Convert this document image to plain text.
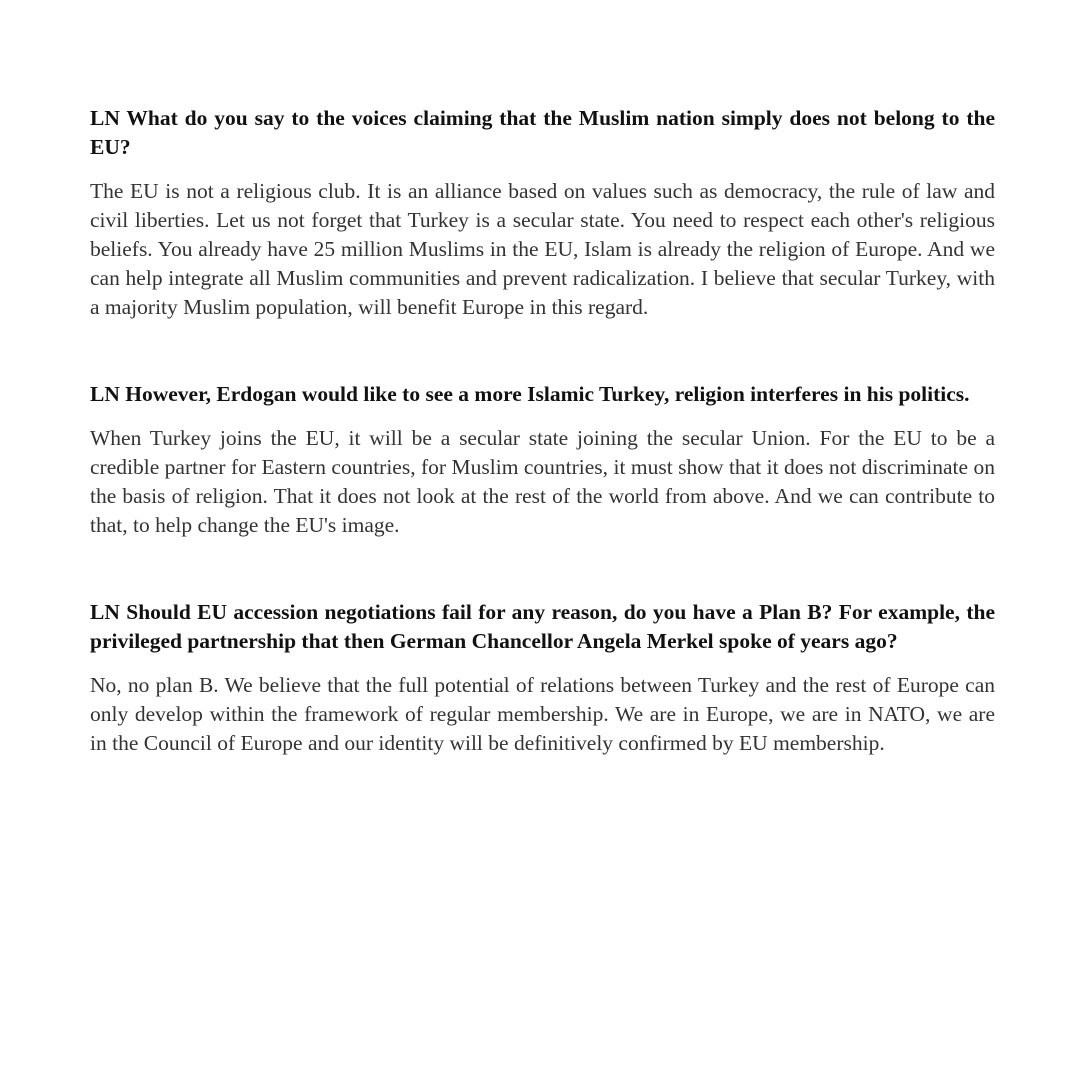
LN What do you say to the voices claiming that the Muslim nation simply does not belong to the EU?

The EU is not a religious club. It is an alliance based on values such as democracy, the rule of law and civil liberties. Let us not forget that Turkey is a secular state. You need to respect each other's religious beliefs. You already have 25 million Muslims in the EU, Islam is already the religion of Europe. And we can help integrate all Muslim communities and prevent radicalization. I believe that secular Turkey, with a majority Muslim population, will benefit Europe in this regard.

LN However, Erdogan would like to see a more Islamic Turkey, religion interferes in his politics.

When Turkey joins the EU, it will be a secular state joining the secular Union. For the EU to be a credible partner for Eastern countries, for Muslim countries, it must show that it does not discriminate on the basis of religion. That it does not look at the rest of the world from above. And we can contribute to that, to help change the EU's image.

LN Should EU accession negotiations fail for any reason, do you have a Plan B? For example, the privileged partnership that then German Chancellor Angela Merkel spoke of years ago?

No, no plan B. We believe that the full potential of relations between Turkey and the rest of Europe can only develop within the framework of regular membership. We are in Europe, we are in NATO, we are in the Council of Europe and our identity will be definitively confirmed by EU membership.
